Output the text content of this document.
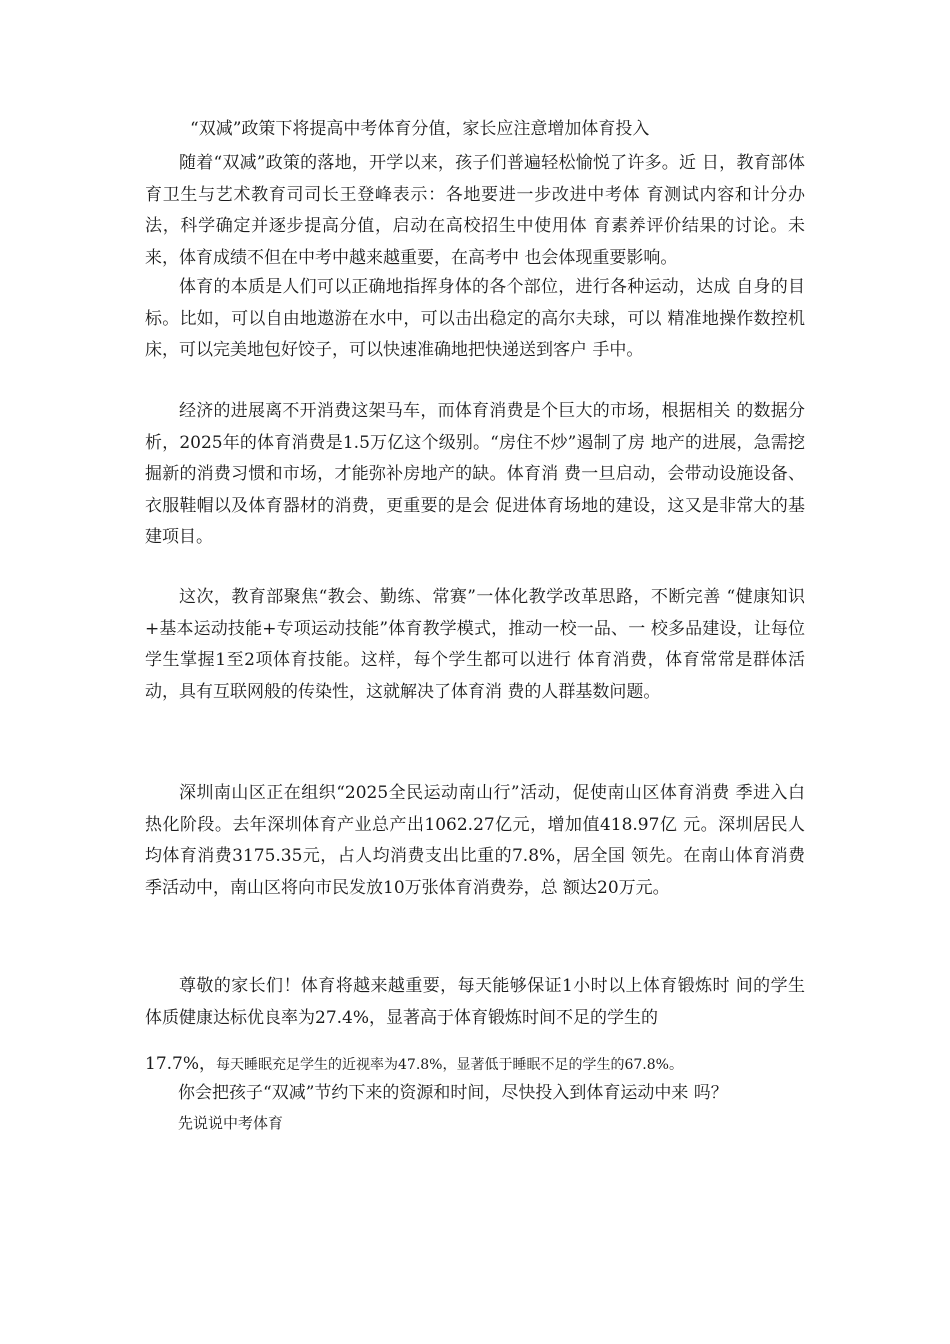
“双减”政策下将提高中考体育分值，家长应注意增加体育投入

随着“双减”政策的落地，开学以来，孩子们普遍轻松愉悦了许多。近 日，教育部体育卫生与艺术教育司司长王登峰表示：各地要进一步改进中考体 育测试内容和计分办法，科学确定并逐步提高分值，启动在高校招生中使用体 育素养评价结果的讨论。未来，体育成绩不但在中考中越来越重要，在高考中 也会体现重要影响。

体育的本质是人们可以正确地指挥身体的各个部位，进行各种运动，达成 自身的目标。比如，可以自由地遨游在水中，可以击出稳定的高尔夫球，可以 精准地操作数控机床，可以完美地包好饺子，可以快速准确地把快递送到客户 手中。

经济的进展离不开消费这架马车，而体育消费是个巨大的市场，根据相关 的数据分析，2025年的体育消费是1.5万亿这个级别。“房住不炒”遏制了房 地产的进展，急需挖掘新的消费习惯和市场，才能弥补房地产的缺。体育消 费一旦启动，会带动设施设备、衣服鞋帽以及体育器材的消费，更重要的是会 促进体育场地的建设，这又是非常大的基建项目。

这次，教育部聚焦“教会、勤练、常赛”一体化教学改革思路，不断完善 “健康知识+基本运动技能+专项运动技能”体育教学模式，推动一校一品、一 校多品建设，让每位学生掌握1至2项体育技能。这样，每个学生都可以进行 体育消费，体育常常是群体活动，具有互联网般的传染性，这就解决了体育消 费的人群基数问题。

深圳南山区正在组织“2025全民运动南山行”活动，促使南山区体育消费 季进入白热化阶段。去年深圳体育产业总产出1062.27亿元，增加值418.97亿 元。深圳居民人均体育消费3175.35元，占人均消费支出比重的7.8%，居全国 领先。在南山体育消费季活动中，南山区将向市民发放10万张体育消费券，总 额达20万元。

尊敬的家长们！体育将越来越重要，每天能够保证1小时以上体育锻炼时 间的学生体质健康达标优良率为27.4%，显著高于体育锻炼时间不足的学生的

17.7%，每天睡眠充足学生的近视率为47.8%，显著低于睡眠不足的学生的67.8%。
你会把孩子“双减”节约下来的资源和时间，尽快投入到体育运动中来 吗？
先说说中考体育
